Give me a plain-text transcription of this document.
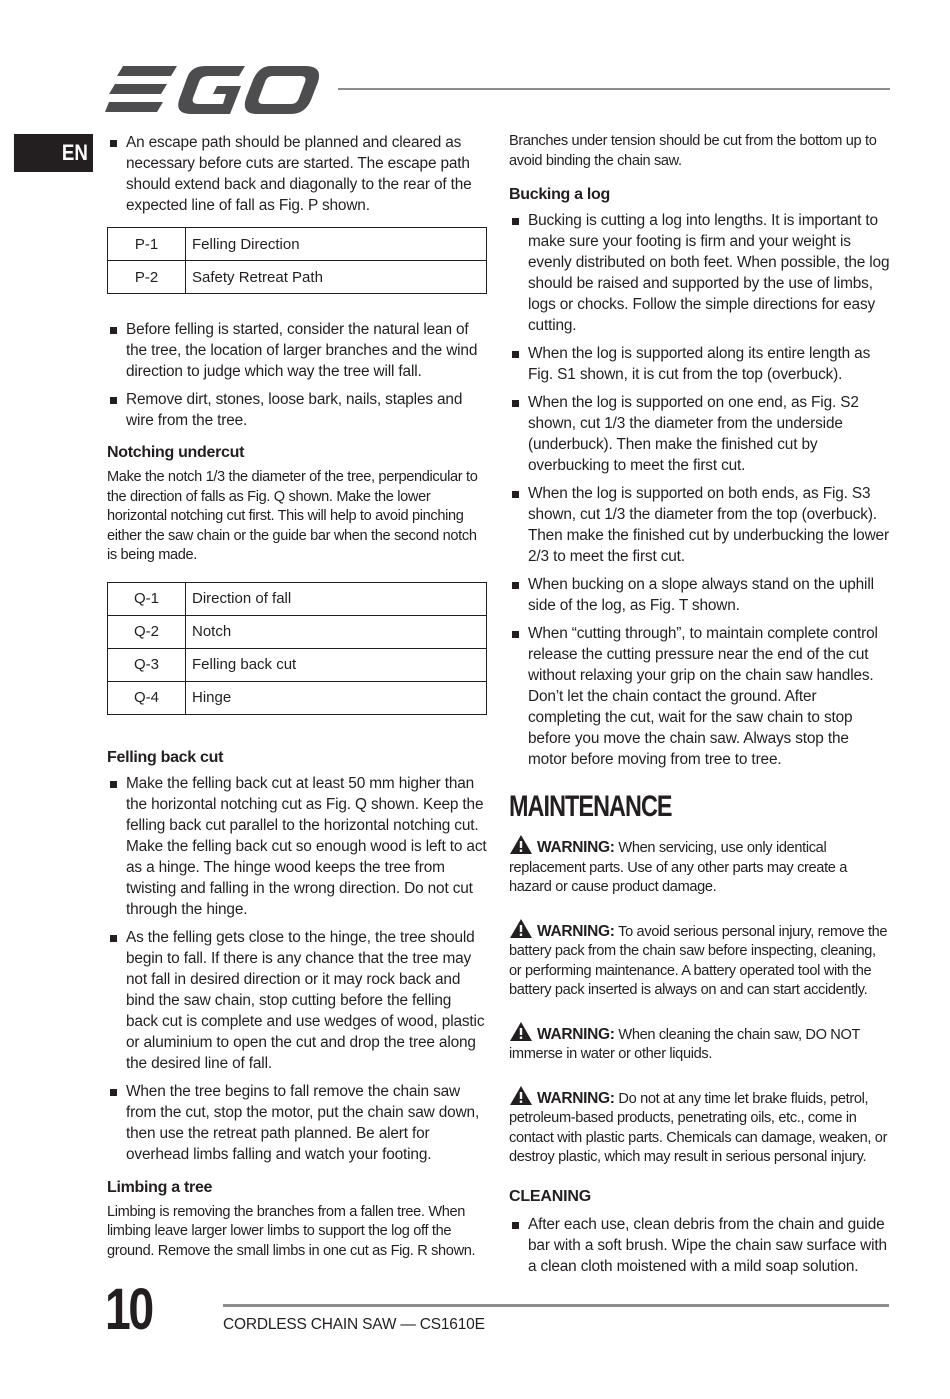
EN	An escape path should be planned and cleared as necessary before cuts are started. The escape path should extend back and diagonally to the rear of the expected line of fall as Fig. P shown.
P-1	Felling Direction
P-2	Safety Retreat Path
Before felling is started, consider the natural lean of the tree, the location of larger branches and the wind direction to judge which way the tree will fall.
Remove dirt, stones, loose bark, nails, staples and wire from the tree.
Notching undercut

Make the notch 1/3 the diameter of the tree, perpendicular to the direction of falls as Fig. Q shown. Make the lower horizontal notching cut first. This will help to avoid pinching either the saw chain or the guide bar when the second notch is being made.

Q-1	Direction of fall
Q-2	Notch
Q-3	Felling back cut
Q-4	Hinge
Felling back cut
Make the felling back cut at least 50 mm higher than the horizontal notching cut as Fig. Q shown. Keep the felling back cut parallel to the horizontal notching cut. Make the felling back cut so enough wood is left to act as a hinge. The hinge wood keeps the tree from twisting and falling in the wrong direction. Do not cut through the hinge.
As the felling gets close to the hinge, the tree should begin to fall. If there is any chance that the tree may not fall in desired direction or it may rock back and bind the saw chain, stop cutting before the felling back cut is complete and use wedges of wood, plastic or aluminium to open the cut and drop the tree along the desired line of fall.
When the tree begins to fall remove the chain saw from the cut, stop the motor, put the chain saw down, then use the retreat path planned. Be alert for overhead limbs falling and watch your footing.
Limbing a tree

Limbing is removing the branches from a fallen tree. When limbing leave larger lower limbs to support the log off the ground. Remove the small limbs in one cut as Fig. R shown.

Branches under tension should be cut from the bottom up to avoid binding the chain saw.

Bucking a log
Bucking is cutting a log into lengths. It is important to make sure your footing is firm and your weight is evenly distributed on both feet. When possible, the log should be raised and supported by the use of limbs, logs or chocks. Follow the simple directions for easy cutting.
When the log is supported along its entire length as Fig. S1 shown, it is cut from the top (overbuck).
When the log is supported on one end, as Fig. S2 shown, cut 1/3 the diameter from the underside (underbuck). Then make the finished cut by overbucking to meet the first cut.
When the log is supported on both ends, as Fig. S3 shown, cut 1/3 the diameter from the top (overbuck). Then make the finished cut by underbucking the lower 2/3 to meet the first cut.
When bucking on a slope always stand on the uphill side of the log, as Fig. T shown.
When “cutting through”, to maintain complete control release the cutting pressure near the end of the cut without relaxing your grip on the chain saw handles. Don’t let the chain contact the ground. After completing the cut, wait for the saw chain to stop before you move the chain saw. Always stop the motor before moving from tree to tree.
MAINTENANCE

WARNING: When servicing, use only identical replacement parts. Use of any other parts may create a hazard or cause product damage.

WARNING: To avoid serious personal injury, remove the battery pack from the chain saw before inspecting, cleaning, or performing maintenance. A battery operated tool with the battery pack inserted is always on and can start accidently.

WARNING: When cleaning the chain saw, DO NOT immerse in water or other liquids.

WARNING: Do not at any time let brake fluids, petrol, petroleum-based products, penetrating oils, etc., come in contact with plastic parts. Chemicals can damage, weaken, or destroy plastic, which may result in serious personal injury.

CLEANING
After each use, clean debris from the chain and guide bar with a soft brush. Wipe the chain saw surface with a clean cloth moistened with a mild soap solution.
10	CORDLESS CHAIN SAW — CS1610E
